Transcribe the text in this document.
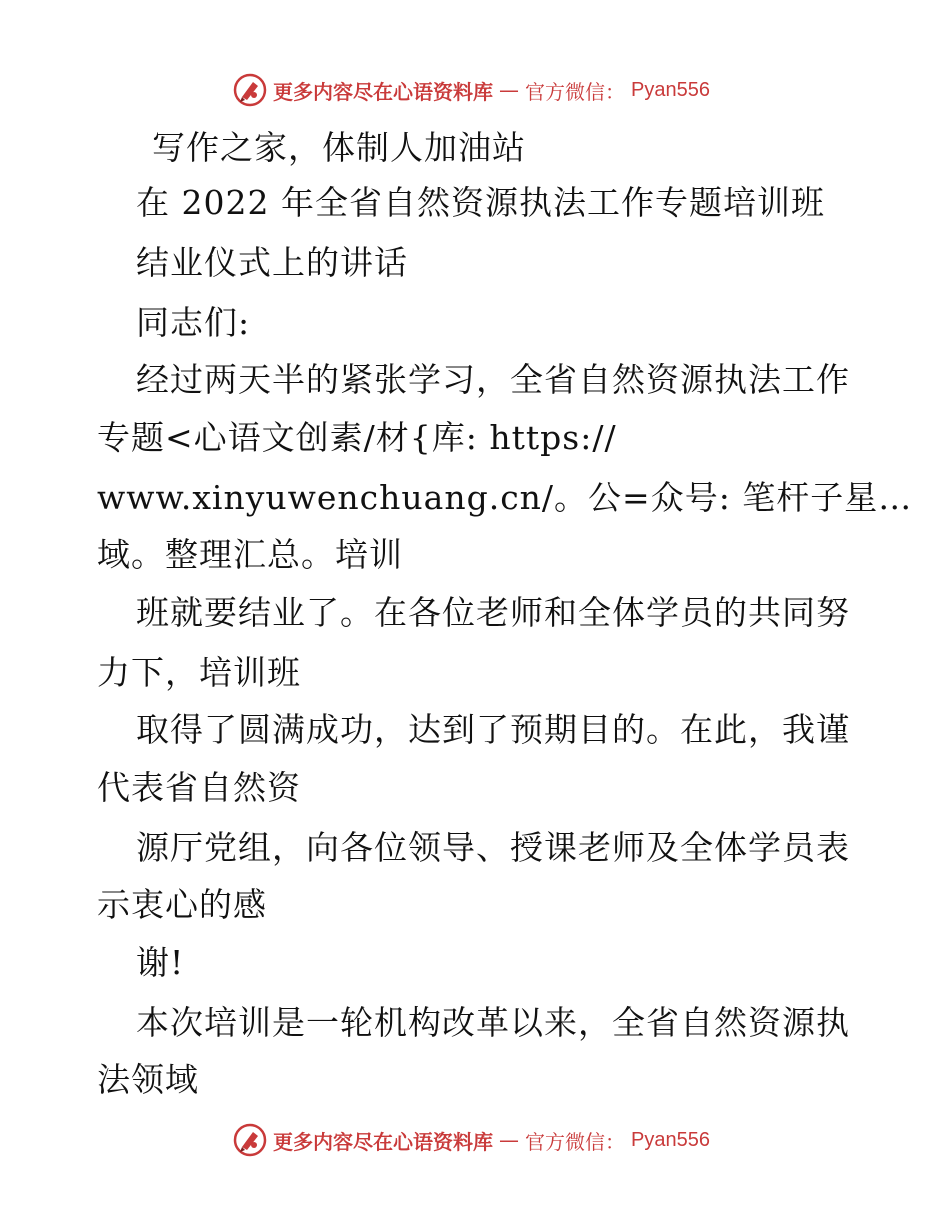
更多内容尽在心语资料库 — 官方微信： Pyan556
写作之家，体制人加油站
在 2022 年全省自然资源执法工作专题培训班
结业仪式上的讲话
同志们:
经过两天半的紧张学习，全省自然资源执法工作
专题<心语文创素/材{库: https://
www.xinyuwenchuang.cn/。公=众号: 笔杆子星…
域。整理汇总。培训
班就要结业了。在各位老师和全体学员的共同努
力下，培训班
取得了圆满成功，达到了预期目的。在此，我谨
代表省自然资
源厅党组，向各位领导、授课老师及全体学员表
示衷心的感
谢!
本次培训是一轮机构改革以来，全省自然资源执
法领域
更多内容尽在心语资料库 — 官方微信： Pyan556
